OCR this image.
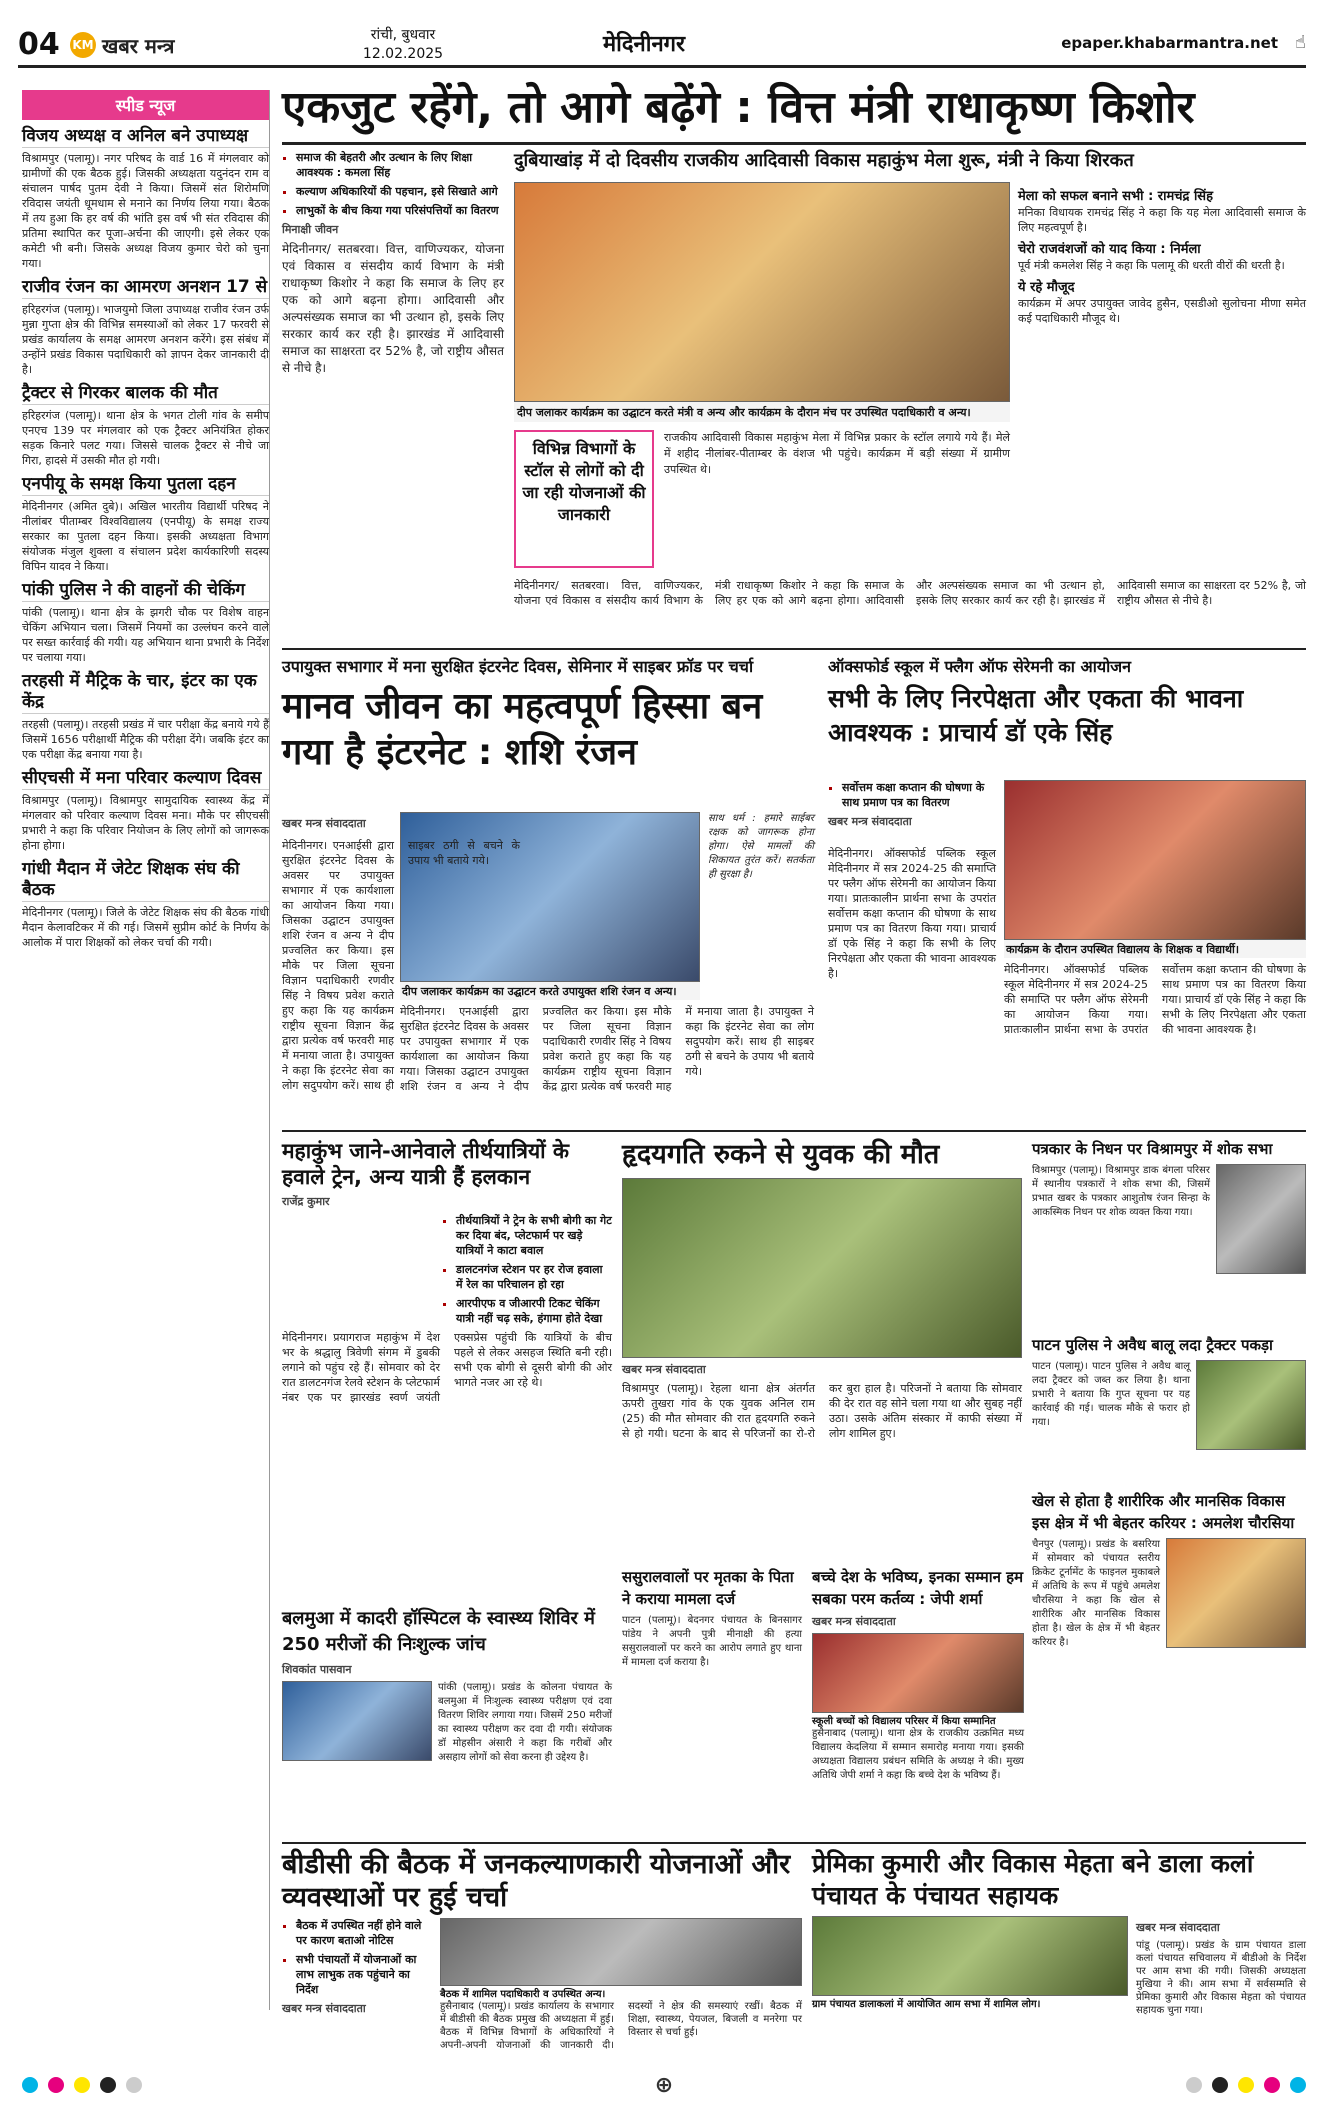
04 KM खबर मन्त्र	रांची, बुधवार
12.02.2025	मेदिनीनगर	epaper.khabarmantra.net ☝
स्पीड न्यूज
विजय अध्यक्ष व अनिल बने उपाध्यक्ष
विश्रामपुर (पलामू)। नगर परिषद के वार्ड 16 में मंगलवार को ग्रामीणों की एक बैठक हुई। जिसकी अध्यक्षता यदुनंदन राम व संचालन पार्षद पुतम देवी ने किया। जिसमें संत शिरोमणि रविदास जयंती धूमधाम से मनाने का निर्णय लिया गया। बैठक में तय हुआ कि हर वर्ष की भांति इस वर्ष भी संत रविदास की प्रतिमा स्थापित कर पूजा-अर्चना की जाएगी। इसे लेकर एक कमेटी भी बनी। जिसके अध्यक्ष विजय कुमार चेरो को चुना गया।
राजीव रंजन का आमरण अनशन 17 से
हरिहरगंज (पलामू)। भाजयुमो जिला उपाध्यक्ष राजीव रंजन उर्फ मुन्ना गुप्ता क्षेत्र की विभिन्न समस्याओं को लेकर 17 फरवरी से प्रखंड कार्यालय के समक्ष आमरण अनशन करेंगे। इस संबंध में उन्होंने प्रखंड विकास पदाधिकारी को ज्ञापन देकर जानकारी दी है।
ट्रैक्टर से गिरकर बालक की मौत
हरिहरगंज (पलामू)। थाना क्षेत्र के भगत टोली गांव के समीप एनएच 139 पर मंगलवार को एक ट्रैक्टर अनियंत्रित होकर सड़क किनारे पलट गया। जिससे चालक ट्रैक्टर से नीचे जा गिरा, हादसे में उसकी मौत हो गयी।
एनपीयू के समक्ष किया पुतला दहन
मेदिनीनगर (अमित दुबे)। अखिल भारतीय विद्यार्थी परिषद ने नीलांबर पीताम्बर विश्वविद्यालय (एनपीयू) के समक्ष राज्य सरकार का पुतला दहन किया। इसकी अध्यक्षता विभाग संयोजक मंजुल शुक्ला व संचालन प्रदेश कार्यकारिणी सदस्य विपिन यादव ने किया।
पांकी पुलिस ने की वाहनों की चेकिंग
पांकी (पलामू)। थाना क्षेत्र के झगरी चौक पर विशेष वाहन चेकिंग अभियान चला। जिसमें नियमों का उल्लंघन करने वाले पर सख्त कार्रवाई की गयी। यह अभियान थाना प्रभारी के निर्देश पर चलाया गया।
तरहसी में मैट्रिक के चार, इंटर का एक केंद्र
तरहसी (पलामू)। तरहसी प्रखंड में चार परीक्षा केंद्र बनाये गये हैं जिसमें 1656 परीक्षार्थी मैट्रिक की परीक्षा देंगे। जबकि इंटर का एक परीक्षा केंद्र बनाया गया है।
सीएचसी में मना परिवार कल्याण दिवस
विश्रामपुर (पलामू)। विश्रामपुर सामुदायिक स्वास्थ्य केंद्र में मंगलवार को परिवार कल्याण दिवस मना। मौके पर सीएचसी प्रभारी ने कहा कि परिवार नियोजन के लिए लोगों को जागरूक होना होगा।
गांधी मैदान में जेटेट शिक्षक संघ की बैठक
मेदिनीनगर (पलामू)। जिले के जेटेट शिक्षक संघ की बैठक गांधी मैदान केलावटिकर में की गई। जिसमें सुप्रीम कोर्ट के निर्णय के आलोक में पारा शिक्षकों को लेकर चर्चा की गयी।
एकजुट रहेंगे, तो आगे बढ़ेंगे : वित्त मंत्री राधाकृष्ण किशोर
▪ समाज की बेहतरी और उत्थान के लिए शिक्षा आवश्यक : कमला सिंह
▪ कल्याण अधिकारियों की पहचान, इसे सिखाते आगे
▪ लाभुकों के बीच किया गया परिसंपत्तियों का वितरण
मिनाक्षी जीवन
मेदिनीनगर/ सतबरवा। वित्त, वाणिज्यकर, योजना एवं विकास व संसदीय कार्य विभाग के मंत्री राधाकृष्ण किशोर ने कहा कि समाज के लिए हर एक को आगे बढ़ना होगा। आदिवासी और अल्पसंख्यक समाज का भी उत्थान हो, इसके लिए सरकार कार्य कर रही है। झारखंड में आदिवासी समाज का साक्षरता दर 52% है, जो राष्ट्रीय औसत से नीचे है।
दुबियाखांड़ में दो दिवसीय राजकीय आदिवासी विकास महाकुंभ मेला शुरू, मंत्री ने किया शिरकत
दीप जलाकर कार्यक्रम का उद्घाटन करते मंत्री व अन्य और कार्यक्रम के दौरान मंच पर उपस्थित पदाधिकारी व अन्य।
मेला को सफल बनाने सभी : रामचंद्र सिंह
मनिका विधायक रामचंद्र सिंह ने कहा कि यह मेला आदिवासी समाज के लिए महत्वपूर्ण है।
चेरो राजवंशजों को याद किया : निर्मला
पूर्व मंत्री कमलेश सिंह ने कहा कि पलामू की धरती वीरों की धरती है।
ये रहे मौजूद
कार्यक्रम में अपर उपायुक्त जावेद हुसैन, एसडीओ सुलोचना मीणा समेत कई पदाधिकारी मौजूद थे।
विभिन्न विभागों के स्टॉल से लोगों को दी जा रही योजनाओं की जानकारी
राजकीय आदिवासी विकास महाकुंभ मेला में विभिन्न प्रकार के स्टॉल लगाये गये हैं। मेले में शहीद नीलांबर-पीताम्बर के वंशज भी पहुंचे। कार्यक्रम में बड़ी संख्या में ग्रामीण उपस्थित थे।
मेदिनीनगर/ सतबरवा। वित्त, वाणिज्यकर, योजना एवं विकास व संसदीय कार्य विभाग के मंत्री राधाकृष्ण किशोर ने कहा कि समाज के लिए हर एक को आगे बढ़ना होगा। आदिवासी और अल्पसंख्यक समाज का भी उत्थान हो, इसके लिए सरकार कार्य कर रही है। झारखंड में आदिवासी समाज का साक्षरता दर 52% है, जो राष्ट्रीय औसत से नीचे है।
उपायुक्त सभागार में मना सुरक्षित इंटरनेट दिवस, सेमिनार में साइबर फ्रॉड पर चर्चा
मानव जीवन का महत्वपूर्ण हिस्सा बन गया है इंटरनेट : शशि रंजन
खबर मन्त्र संवाददाता
दीप जलाकर कार्यक्रम का उद्घाटन करते उपायुक्त शशि रंजन व अन्य।
साथ धर्म : हमारे साईबर रक्षक को जागरूक होना होगा। ऐसे मामलों की शिकायत तुरंत करें। सतर्कता ही सुरक्षा है।
मेदिनीनगर। एनआईसी द्वारा सुरक्षित इंटरनेट दिवस के अवसर पर उपायुक्त सभागार में एक कार्यशाला का आयोजन किया गया। जिसका उद्घाटन उपायुक्त शशि रंजन व अन्य ने दीप प्रज्वलित कर किया। इस मौके पर जिला सूचना विज्ञान पदाधिकारी रणवीर सिंह ने विषय प्रवेश कराते हुए कहा कि यह कार्यक्रम राष्ट्रीय सूचना विज्ञान केंद्र द्वारा प्रत्येक वर्ष फरवरी माह में मनाया जाता है। उपायुक्त ने कहा कि इंटरनेट सेवा का लोग सदुपयोग करें। साथ ही
मेदिनीनगर। एनआईसी द्वारा सुरक्षित इंटरनेट दिवस के अवसर पर उपायुक्त सभागार में एक कार्यशाला का आयोजन किया गया। जिसका उद्घाटन उपायुक्त शशि रंजन व अन्य ने दीप प्रज्वलित कर किया। इस मौके पर जिला सूचना विज्ञान पदाधिकारी रणवीर सिंह ने विषय प्रवेश कराते हुए कहा कि यह कार्यक्रम राष्ट्रीय सूचना विज्ञान केंद्र द्वारा प्रत्येक वर्ष फरवरी माह में मनाया जाता है। उपायुक्त ने कहा कि इंटरनेट सेवा का लोग सदुपयोग करें। साथ ही साइबर ठगी से बचने के उपाय भी बताये गये।
ऑक्सफोर्ड स्कूल में फ्लैग ऑफ सेरेमनी का आयोजन
सभी के लिए निरपेक्षता और एकता की भावना आवश्यक : प्राचार्य डॉ एके सिंह
▪ सर्वोत्तम कक्षा कप्तान की घोषणा के साथ प्रमाण पत्र का वितरण
खबर मन्त्र संवाददाता
मेदिनीनगर। ऑक्सफोर्ड पब्लिक स्कूल मेदिनीनगर में सत्र 2024-25 की समाप्ति पर फ्लैग ऑफ सेरेमनी का आयोजन किया गया। प्रातःकालीन प्रार्थना सभा के उपरांत सर्वोत्तम कक्षा कप्तान की घोषणा के साथ प्रमाण पत्र का वितरण किया गया। प्राचार्य डॉ एके सिंह ने कहा कि सभी के लिए निरपेक्षता और एकता की भावना आवश्यक है।
कार्यक्रम के दौरान उपस्थित विद्यालय के शिक्षक व विद्यार्थी।
मेदिनीनगर। ऑक्सफोर्ड पब्लिक स्कूल मेदिनीनगर में सत्र 2024-25 की समाप्ति पर फ्लैग ऑफ सेरेमनी का आयोजन किया गया। प्रातःकालीन प्रार्थना सभा के उपरांत सर्वोत्तम कक्षा कप्तान की घोषणा के साथ प्रमाण पत्र का वितरण किया गया। प्राचार्य डॉ एके सिंह ने कहा कि सभी के लिए निरपेक्षता और एकता की भावना आवश्यक है।
महाकुंभ जाने-आनेवाले तीर्थयात्रियों के हवाले ट्रेन, अन्य यात्री हैं हलकान
राजेंद्र कुमार
▪ तीर्थयात्रियों ने ट्रेन के सभी बोगी का गेट कर दिया बंद, प्लेटफार्म पर खड़े यात्रियों ने काटा बवाल
▪ डालटनगंज स्टेशन पर हर रोज हवाला में रेल का परिचालन हो रहा
▪ आरपीएफ व जीआरपी टिकट चेकिंग यात्री नहीं चढ़ सके, हंगामा होते देखा
मेदिनीनगर। प्रयागराज महाकुंभ में देश भर के श्रद्धालु त्रिवेणी संगम में डुबकी लगाने को पहुंच रहे हैं। सोमवार को देर रात डालटनगंज रेलवे स्टेशन के प्लेटफार्म नंबर एक पर झारखंड स्वर्ण जयंती एक्सप्रेस पहुंची कि यात्रियों के बीच पहले से लेकर असहज स्थिति बनी रही। सभी एक बोगी से दूसरी बोगी की ओर भागते नजर आ रहे थे।
हृदयगति रुकने से युवक की मौत
खबर मन्त्र संवाददाता
विश्रामपुर (पलामू)। रेहला थाना क्षेत्र अंतर्गत ऊपरी तुखरा गांव के एक युवक अनिल राम (25) की मौत सोमवार की रात हृदयगति रुकने से हो गयी। घटना के बाद से परिजनों का रो-रो कर बुरा हाल है। परिजनों ने बताया कि सोमवार की देर रात वह सोने चला गया था और सुबह नहीं उठा। उसके अंतिम संस्कार में काफी संख्या में लोग शामिल हुए।
पत्रकार के निधन पर विश्रामपुर में शोक सभा
विश्रामपुर (पलामू)। विश्रामपुर डाक बंगला परिसर में स्थानीय पत्रकारों ने शोक सभा की, जिसमें प्रभात खबर के पत्रकार आशुतोष रंजन सिन्हा के आकस्मिक निधन पर शोक व्यक्त किया गया।
पाटन पुलिस ने अवैध बालू लदा ट्रैक्टर पकड़ा
पाटन (पलामू)। पाटन पुलिस ने अवैध बालू लदा ट्रैक्टर को जब्त कर लिया है। थाना प्रभारी ने बताया कि गुप्त सूचना पर यह कार्रवाई की गई। चालक मौके से फरार हो गया।
खेल से होता है शारीरिक और मानसिक विकास इस क्षेत्र में भी बेहतर करियर : अमलेश चौरसिया
चैनपुर (पलामू)। प्रखंड के बसरिया में सोमवार को पंचायत स्तरीय क्रिकेट टूर्नामेंट के फाइनल मुकाबले में अतिथि के रूप में पहुंचे अमलेश चौरसिया ने कहा कि खेल से शारीरिक और मानसिक विकास होता है। खेल के क्षेत्र में भी बेहतर करियर है।
बलमुआ में कादरी हॉस्पिटल के स्वास्थ्य शिविर में 250 मरीजों की निःशुल्क जांच
शिवकांत पासवान
पांकी (पलामू)। प्रखंड के कोलना पंचायत के बलमुआ में निःशुल्क स्वास्थ्य परीक्षण एवं दवा वितरण शिविर लगाया गया। जिसमें 250 मरीजों का स्वास्थ्य परीक्षण कर दवा दी गयी। संयोजक डॉ मोहसीन अंसारी ने कहा कि गरीबों और असहाय लोगों को सेवा करना ही उद्देश्य है।
ससुरालवालों पर मृतका के पिता ने कराया मामला दर्ज
पाटन (पलामू)। बेदनगर पंचायत के बिनसागर पांडेय ने अपनी पुत्री मीनाक्षी की हत्या ससुरालवालों पर करने का आरोप लगाते हुए थाना में मामला दर्ज कराया है।
बच्चे देश के भविष्य, इनका सम्मान हम सबका परम कर्तव्य : जेपी शर्मा
खबर मन्त्र संवाददाता
स्कूली बच्चों को विद्यालय परिसर में किया सम्मानित
हुसैनाबाद (पलामू)। थाना क्षेत्र के राजकीय उत्क्रमित मध्य विद्यालय केदलिया में सम्मान समारोह मनाया गया। इसकी अध्यक्षता विद्यालय प्रबंधन समिति के अध्यक्ष ने की। मुख्य अतिथि जेपी शर्मा ने कहा कि बच्चे देश के भविष्य हैं।
बीडीसी की बैठक में जनकल्याणकारी योजनाओं और व्यवस्थाओं पर हुई चर्चा
▪ बैठक में उपस्थित नहीं होने वाले पर कारण बताओ नोटिस
▪ सभी पंचायतों में योजनाओं का लाभ लाभुक तक पहुंचाने का निर्देश
खबर मन्त्र संवाददाता
बैठक में शामिल पदाधिकारी व उपस्थित अन्य।
हुसैनाबाद (पलामू)। प्रखंड कार्यालय के सभागार में बीडीसी की बैठक प्रमुख की अध्यक्षता में हुई। बैठक में विभिन्न विभागों के अधिकारियों ने अपनी-अपनी योजनाओं की जानकारी दी। सदस्यों ने क्षेत्र की समस्याएं रखीं। बैठक में शिक्षा, स्वास्थ्य, पेयजल, बिजली व मनरेगा पर विस्तार से चर्चा हुई।
प्रेमिका कुमारी और विकास मेहता बने डाला कलां पंचायत के पंचायत सहायक
ग्राम पंचायत डालाकलां में आयोजित आम सभा में शामिल लोग।
खबर मन्त्र संवाददाता
पांडू (पलामू)। प्रखंड के ग्राम पंचायत डाला कलां पंचायत सचिवालय में बीडीओ के निर्देश पर आम सभा की गयी। जिसकी अध्यक्षता मुखिया ने की। आम सभा में सर्वसम्मति से प्रेमिका कुमारी और विकास मेहता को पंचायत सहायक चुना गया।
⊕
